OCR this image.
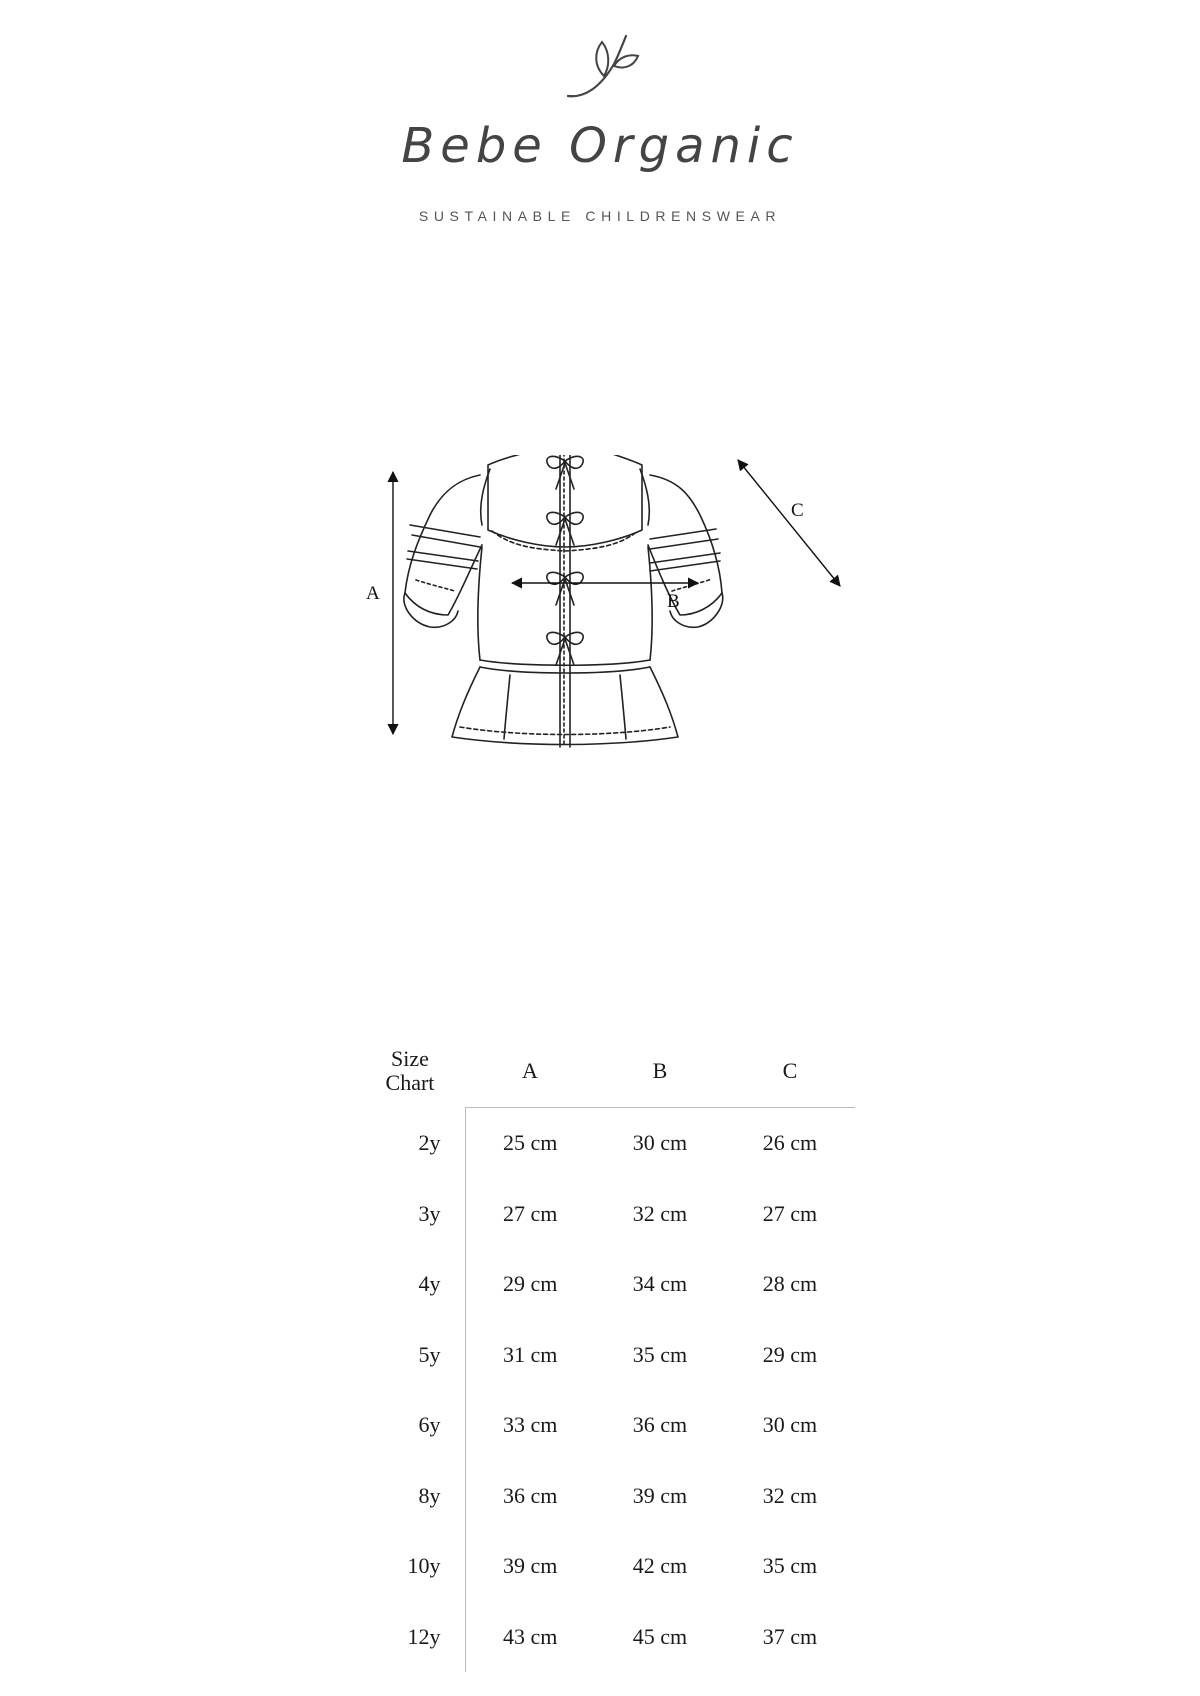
Bebe Organic
SUSTAINABLE CHILDRENSWEAR
A	B
C
Size
Chart	A	B	C
2y	25 cm	30 cm	26 cm
3y	27 cm	32 cm	27 cm
4y	29 cm	34 cm	28 cm
5y	31 cm	35 cm	29 cm
6y	33 cm	36 cm	30 cm
8y	36 cm	39 cm	32 cm
10y	39 cm	42 cm	35 cm
12y	43 cm	45 cm	37 cm
